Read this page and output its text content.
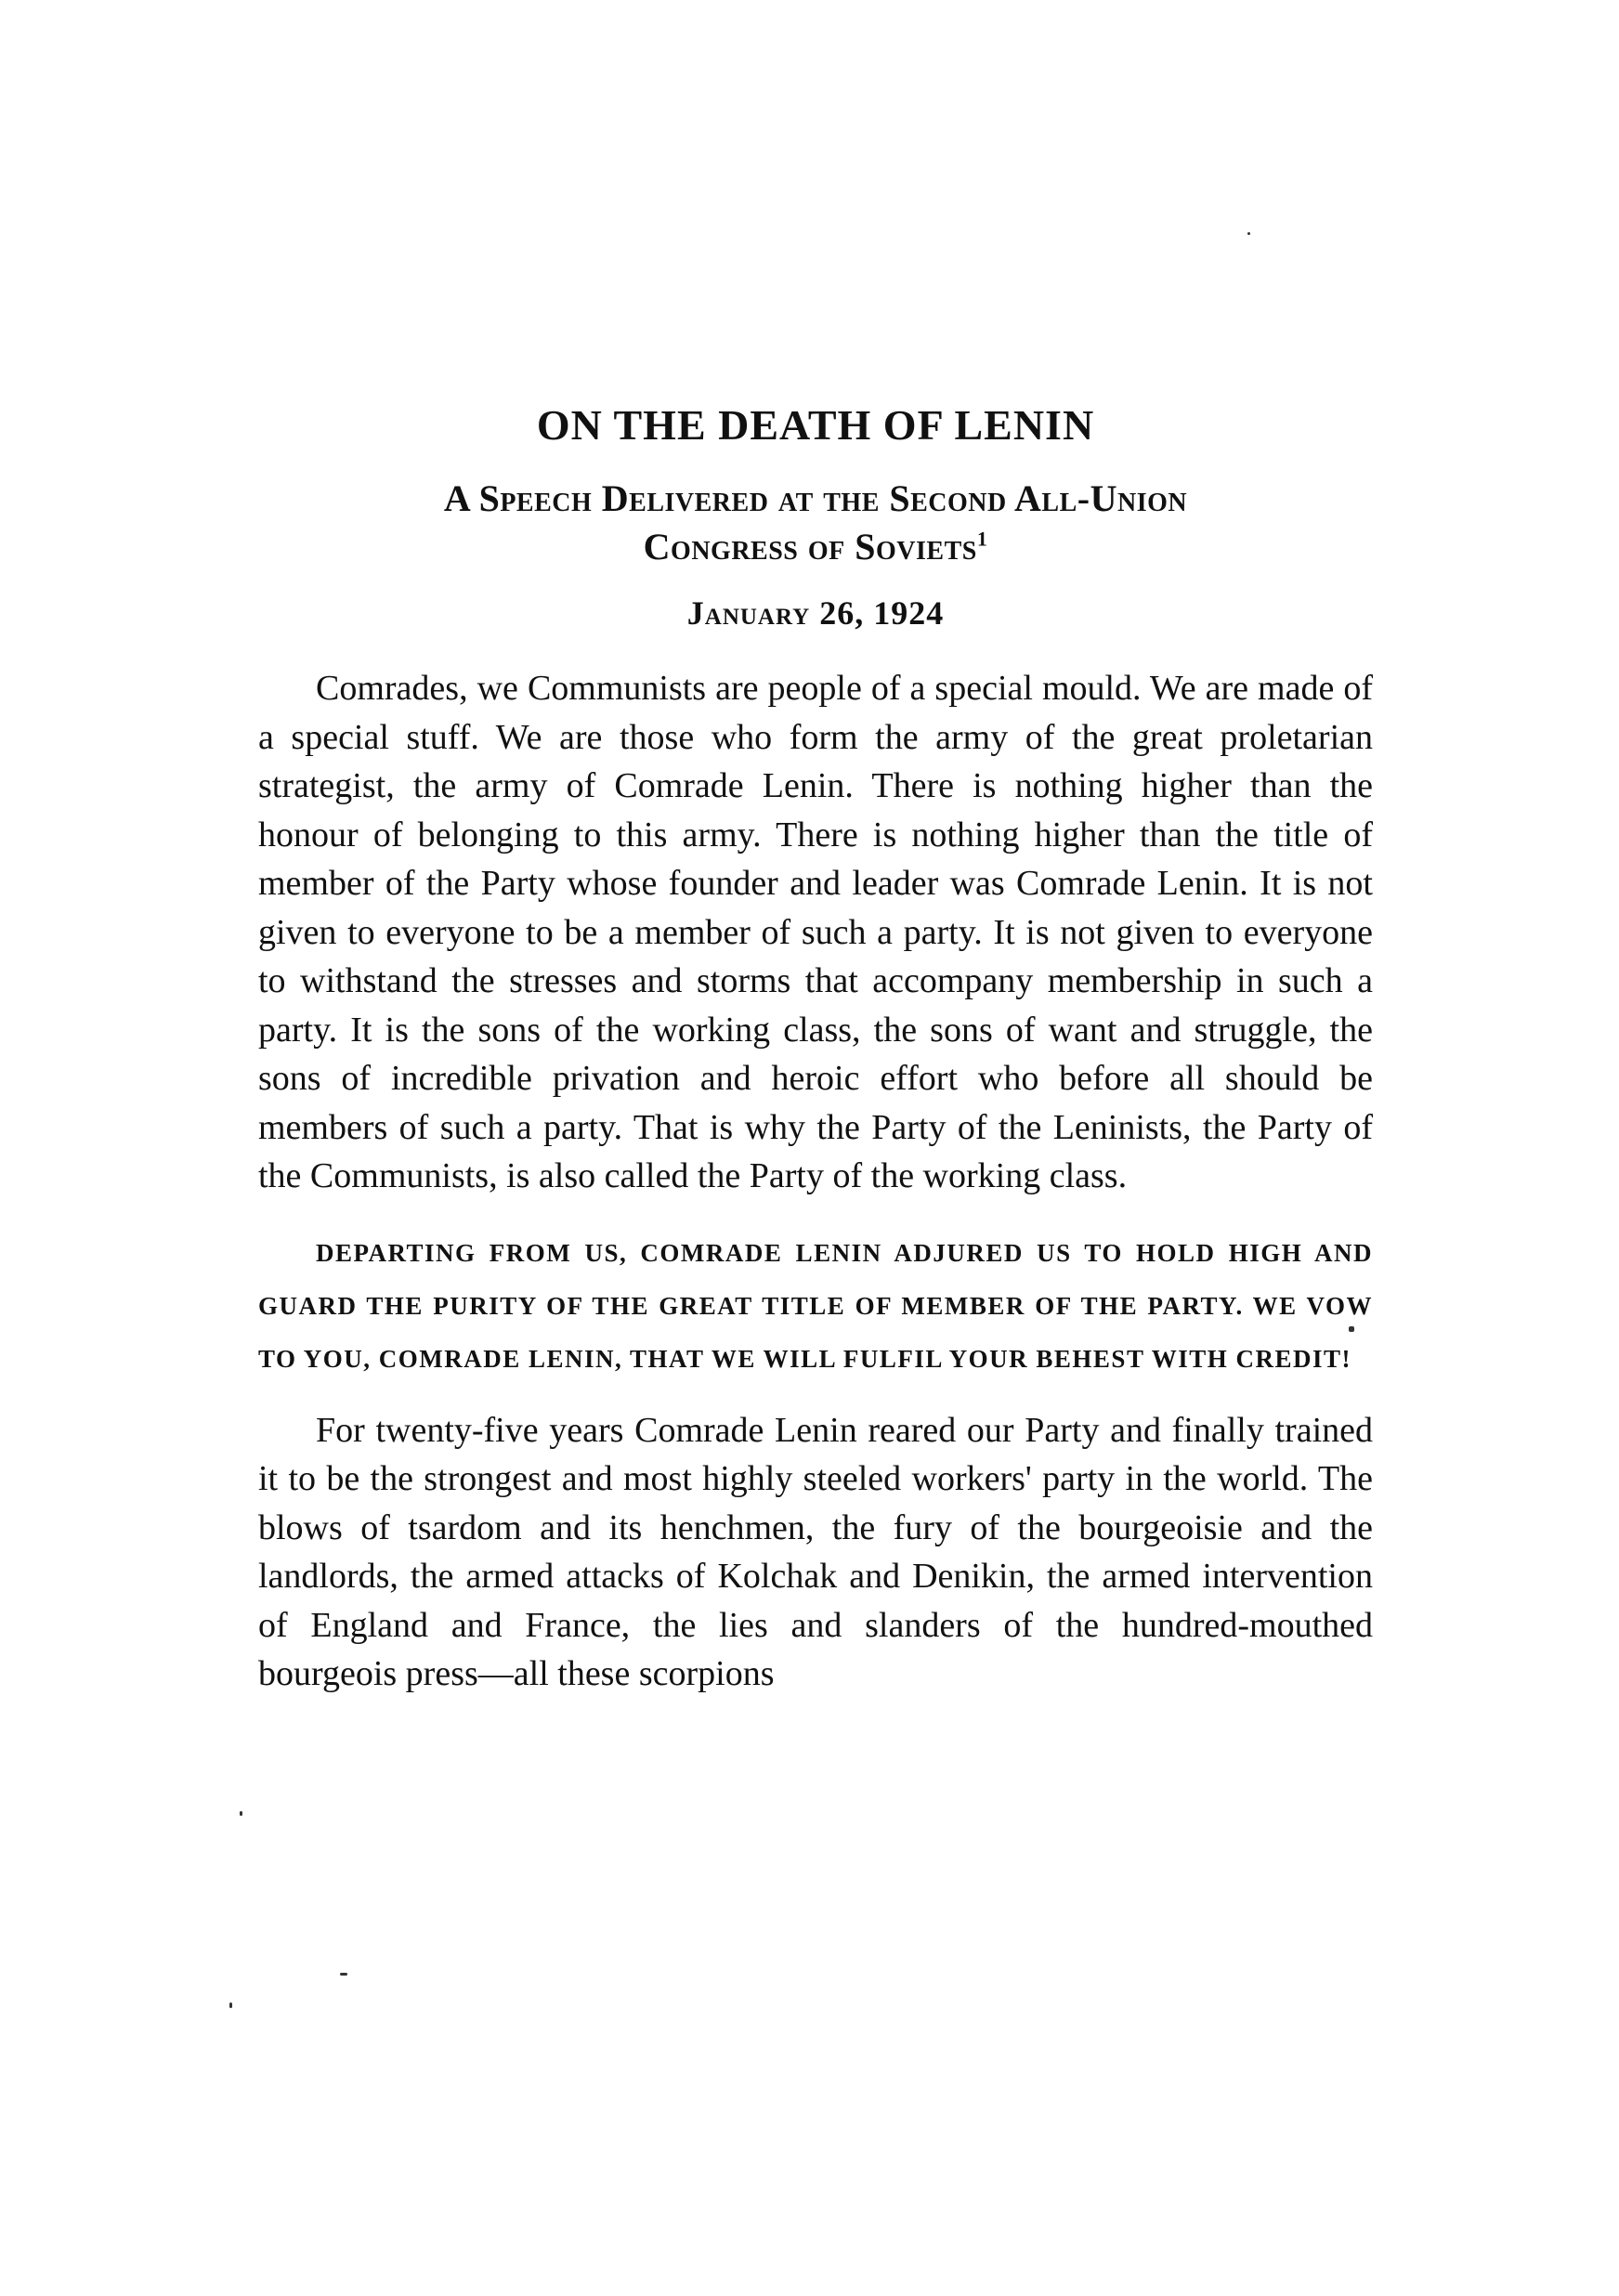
ON THE DEATH OF LENIN

A Speech Delivered at the Second All-Union
Congress of Soviets$^1$

January 26, 1924

Comrades, we Communists are people of a special mould. We are made of a special stuff. We are those who form the army of the great proletarian strategist, the army of Comrade Lenin. There is nothing higher than the honour of belonging to this army. There is nothing higher than the title of member of the Party whose founder and leader was Comrade Lenin. It is not given to everyone to be a member of such a party. It is not given to everyone to withstand the stresses and storms that accompany membership in such a party. It is the sons of the working class, the sons of want and struggle, the sons of incredible privation and heroic effort who before all should be members of such a party. That is why the Party of the Leninists, the Party of the Communists, is also called the Party of the working class.

DEPARTING FROM US, COMRADE LENIN ADJURED US TO HOLD HIGH AND GUARD THE PURITY OF THE GREAT TITLE OF MEMBER OF THE PARTY. WE VOW TO YOU, COMRADE LENIN, THAT WE WILL FULFIL YOUR BEHEST WITH CREDIT!

For twenty-five years Comrade Lenin reared our Party and finally trained it to be the strongest and most highly steeled workers' party in the world. The blows of tsardom and its henchmen, the fury of the bourgeoisie and the landlords, the armed attacks of Kolchak and Denikin, the armed intervention of England and France, the lies and slanders of the hundred-mouthed bourgeois press—all these scorpions
